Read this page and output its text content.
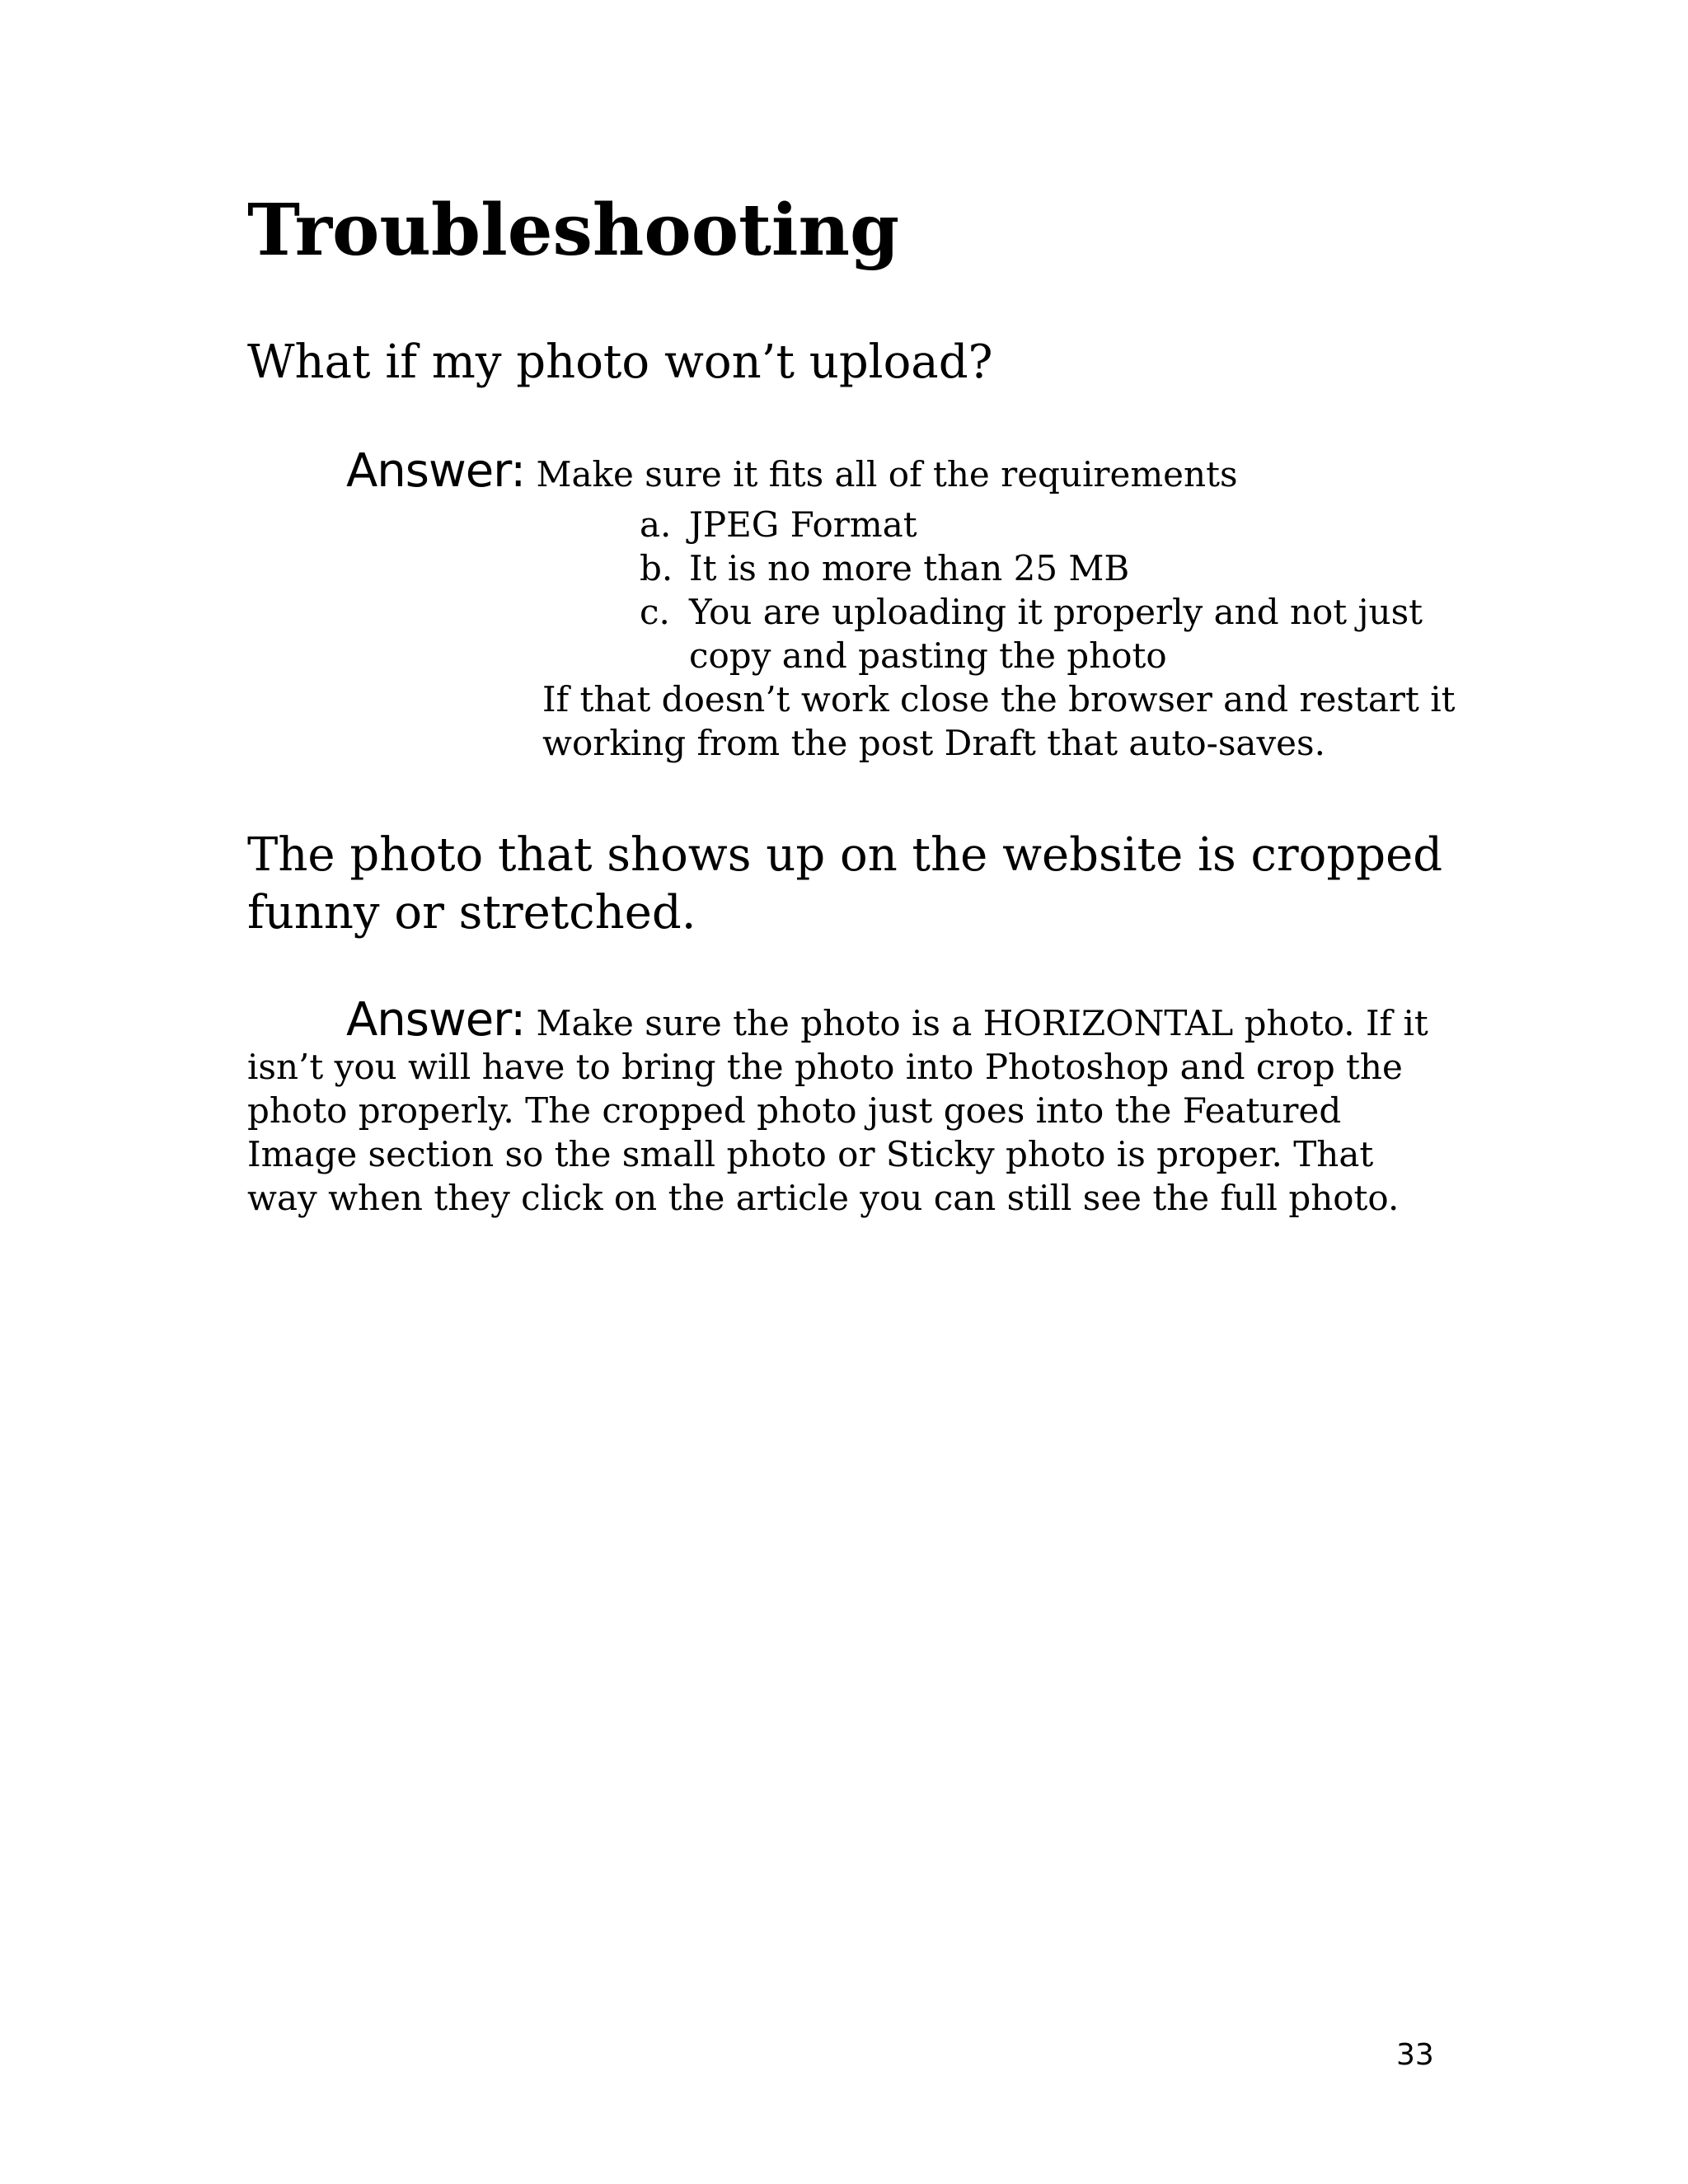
Troubleshooting
What if my photo won’t upload?
Answer: Make sure it fits all of the requirements
a. JPEG Format
b. It is no more than 25 MB
c. You are uploading it properly and not just copy and pasting the photo

If that doesn’t work close the browser and restart it working from the post Draft that auto-saves.

The photo that shows up on the website is cropped funny or stretched.

Answer: Make sure the photo is a HORIZONTAL photo. If it isn’t you will have to bring the photo into Photoshop and crop the photo properly. The cropped photo just goes into the Featured Image section so the small photo or Sticky photo is proper. That way when they click on the article you can still see the full photo.

33
